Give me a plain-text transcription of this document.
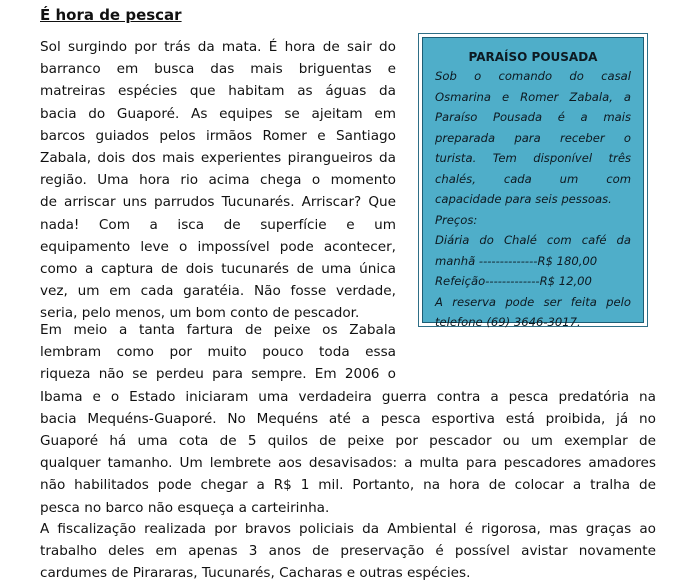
É hora de pescar
Sol surgindo por trás da mata. É hora de sair do
barranco em busca das mais briguentas e
matreiras espécies que habitam as águas da
bacia do Guaporé. As equipes se ajeitam em
barcos guiados pelos irmãos Romer e Santiago
Zabala, dois dos mais experientes pirangueiros da
região. Uma hora rio acima chega o momento
de arriscar uns parrudos Tucunarés. Arriscar? Que
nada! Com a isca de superfície e um
equipamento leve o impossível pode acontecer,
como a captura de dois tucunarés de uma única
vez, um em cada garatéia. Não fosse verdade,
seria, pelo menos, um bom conto de pescador.
Em meio a tanta fartura de peixe os Zabala
lembram como por muito pouco toda essa
riqueza não se perdeu para sempre. Em 2006 o
Ibama e o Estado iniciaram uma verdadeira guerra contra a pesca predatória na
bacia Mequéns-Guaporé. No Mequéns até a pesca esportiva está proibida, já no
Guaporé há uma cota de 5 quilos de peixe por pescador ou um exemplar de
qualquer tamanho. Um lembrete aos desavisados: a multa para pescadores amadores
não habilitados pode chegar a R$ 1 mil. Portanto, na hora de colocar a tralha de
pesca no barco não esqueça a carteirinha.
A fiscalização realizada por bravos policiais da Ambiental é rigorosa, mas graças ao
trabalho deles em apenas 3 anos de preservação é possível avistar novamente
cardumes de Pirararas, Tucunarés, Cacharas e outras espécies.
PARAÍSO POUSADA
Sob o comando do casal
Osmarina e Romer Zabala, a
Paraíso Pousada é a mais
preparada para receber o
turista. Tem disponível três
chalés, cada um com
capacidade para seis pessoas.
Preços:
Diária do Chalé com café da
manhã --------------R$ 180,00
Refeição-------------R$ 12,00
A reserva pode ser feita pelo
telefone (69) 3646-3017.
